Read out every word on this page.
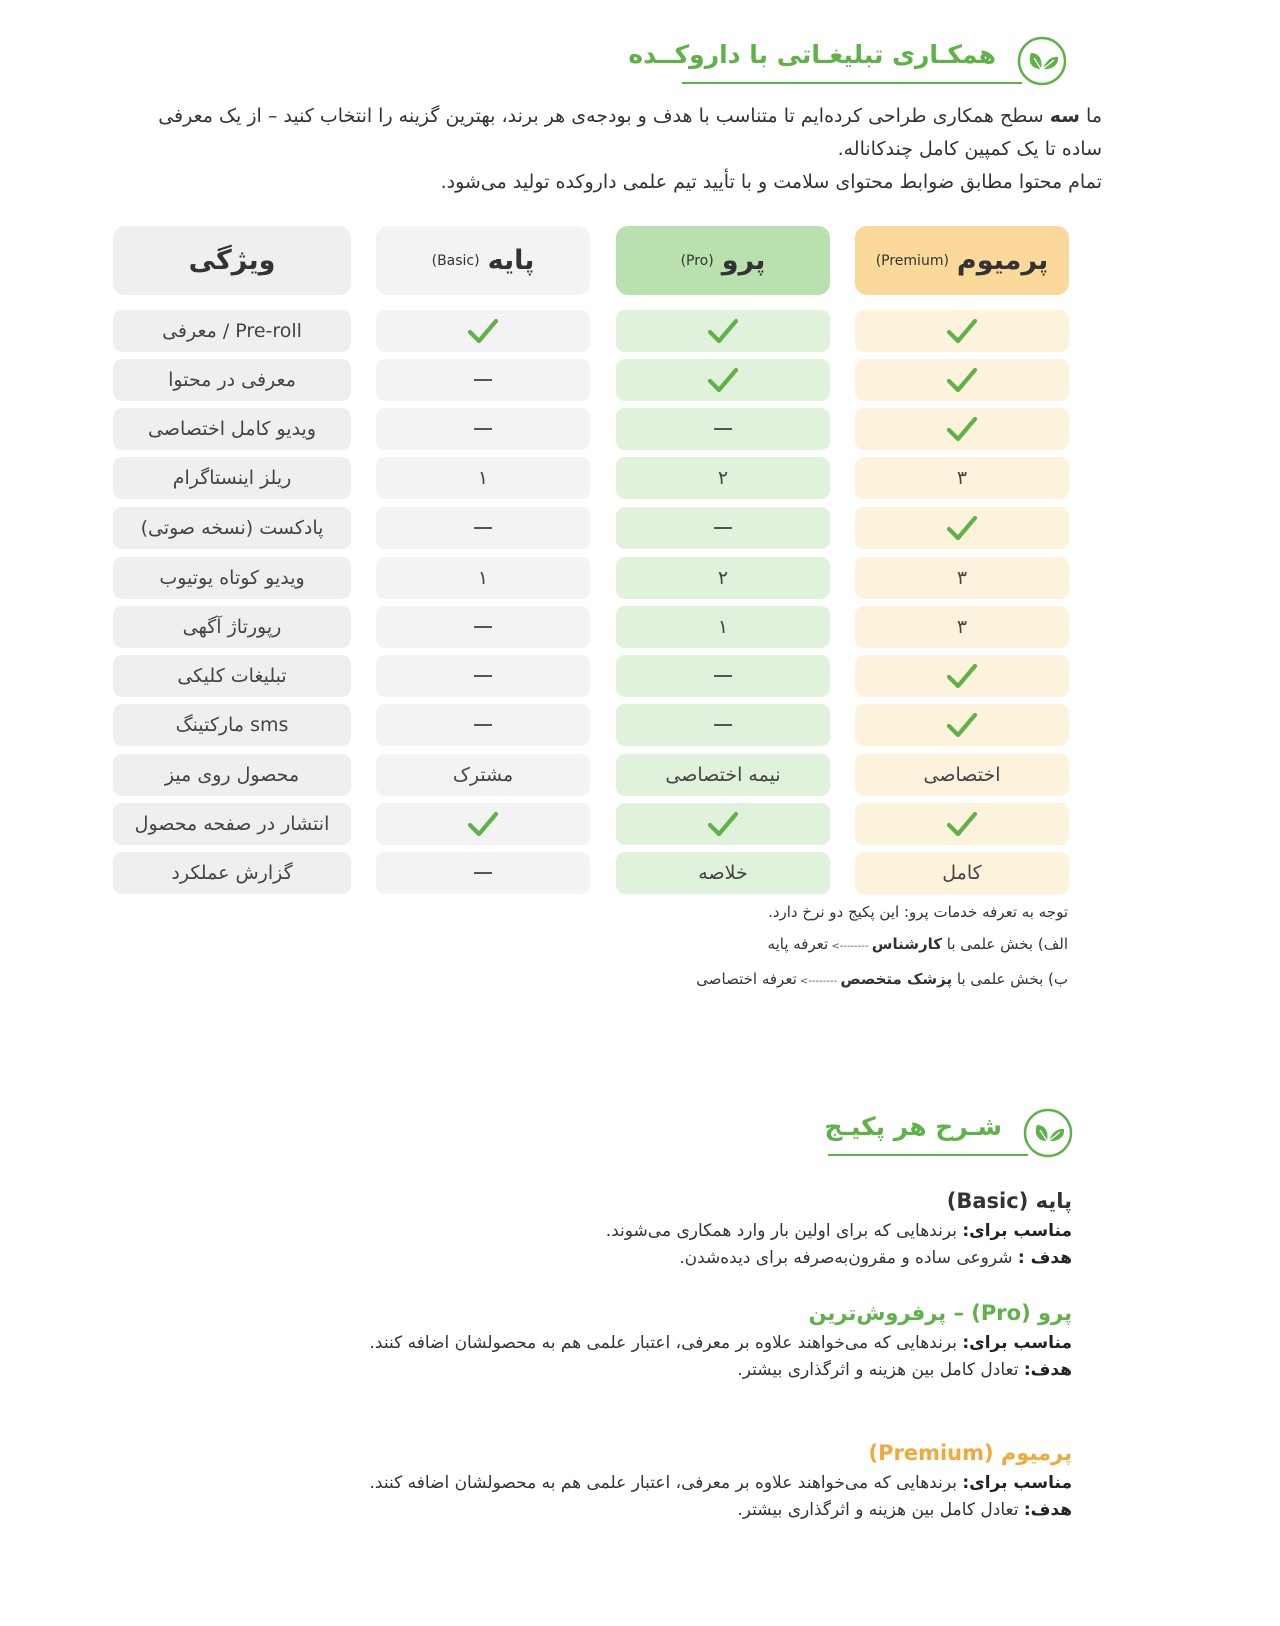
همکـاری تبلیغـاتی با داروکــده
ما سه سطح همکاری طراحی کرده‌ایم تا متناسب با هدف و بودجه‌ی هر برند، بهترین گزینه را انتخاب کنید – از یک معرفی ساده تا یک کمپین کامل چندکاناله.
تمام محتوا مطابق ضوابط محتوای سلامت و با تأیید تیم علمی داروکده تولید می‌شود.
پرمیوم
(Premium)
پرو
(Pro)
پایه
(Basic)
ویژگی
Pre-roll / معرفی
معرفی در محتوا
ویدیو کامل اختصاصی
۳
۲
۱
ریلز اینستاگرام
پادکست (نسخه صوتی)
۳
۲
۱
ویدیو کوتاه یوتیوب
۳
۱
رپورتاژ آگهی
تبلیغات کلیکی
sms مارکتینگ
اختصاصی
نیمه اختصاصی
مشترک
محصول روی میز
انتشار در صفحه محصول
کامل
خلاصه
گزارش عملکرد
توجه به تعرفه خدمات پرو: این پکیج دو نرخ دارد.
الف) بخش علمی با کارشناس --------> تعرفه پایه
ب) بخش علمی با پزشک متخصص --------> تعرفه اختصاصی
شـرح هر پکیـج
پایه (Basic)
مناسب برای: برندهایی که برای اولین بار وارد همکاری می‌شوند.
هدف : شروعی ساده و مقرون‌به‌صرفه برای دیده‌شدن.
پرو (Pro) – پرفروش‌ترین
مناسب برای: برندهایی که می‌خواهند علاوه بر معرفی، اعتبار علمی هم به محصولشان اضافه کنند.
هدف: تعادل کامل بین هزینه و اثرگذاری بیشتر.
پرمیوم (Premium)
مناسب برای: برندهایی که می‌خواهند علاوه بر معرفی، اعتبار علمی هم به محصولشان اضافه کنند.
هدف: تعادل کامل بین هزینه و اثرگذاری بیشتر.
